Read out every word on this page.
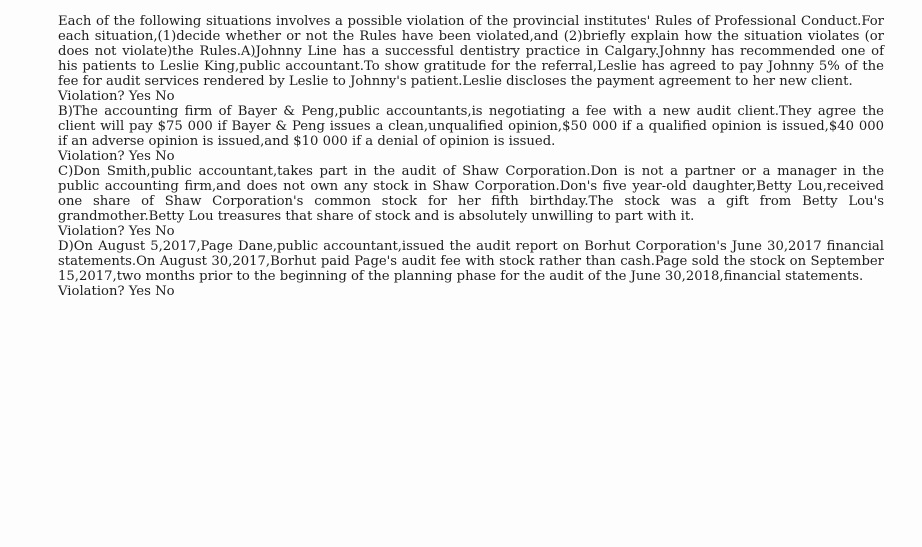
Each of the following situations involves a possible violation of the provincial institutes' Rules of Professional Conduct.For each situation,(1)decide whether or not the Rules have been violated,and (2)briefly explain how the situation violates (or does not violate)the Rules.A)Johnny Line has a successful dentistry practice in Calgary.Johnny has recommended one of his patients to Leslie King,public accountant.To show gratitude for the referral,Leslie has agreed to pay Johnny 5% of the fee for audit services rendered by Leslie to Johnny's patient.Leslie discloses the payment agreement to her new client.

Violation? Yes No

B)The accounting firm of Bayer & Peng,public accountants,is negotiating a fee with a new audit client.They agree the client will pay $75 000 if Bayer & Peng issues a clean,unqualified opinion,$50 000 if a qualified opinion is issued,$40 000 if an adverse opinion is issued,and $10 000 if a denial of opinion is issued.

Violation? Yes No

C)Don Smith,public accountant,takes part in the audit of Shaw Corporation.Don is not a partner or a manager in the public accounting firm,and does not own any stock in Shaw Corporation.Don's five year-old daughter,Betty Lou,received one share of Shaw Corporation's common stock for her fifth birthday.The stock was a gift from Betty Lou's grandmother.Betty Lou treasures that share of stock and is absolutely unwilling to part with it.

Violation? Yes No

D)On August 5,2017,Page Dane,public accountant,issued the audit report on Borhut Corporation's June 30,2017 financial statements.On August 30,2017,Borhut paid Page's audit fee with stock rather than cash.Page sold the stock on September 15,2017,two months prior to the beginning of the planning phase for the audit of the June 30,2018,financial statements.

Violation? Yes No
